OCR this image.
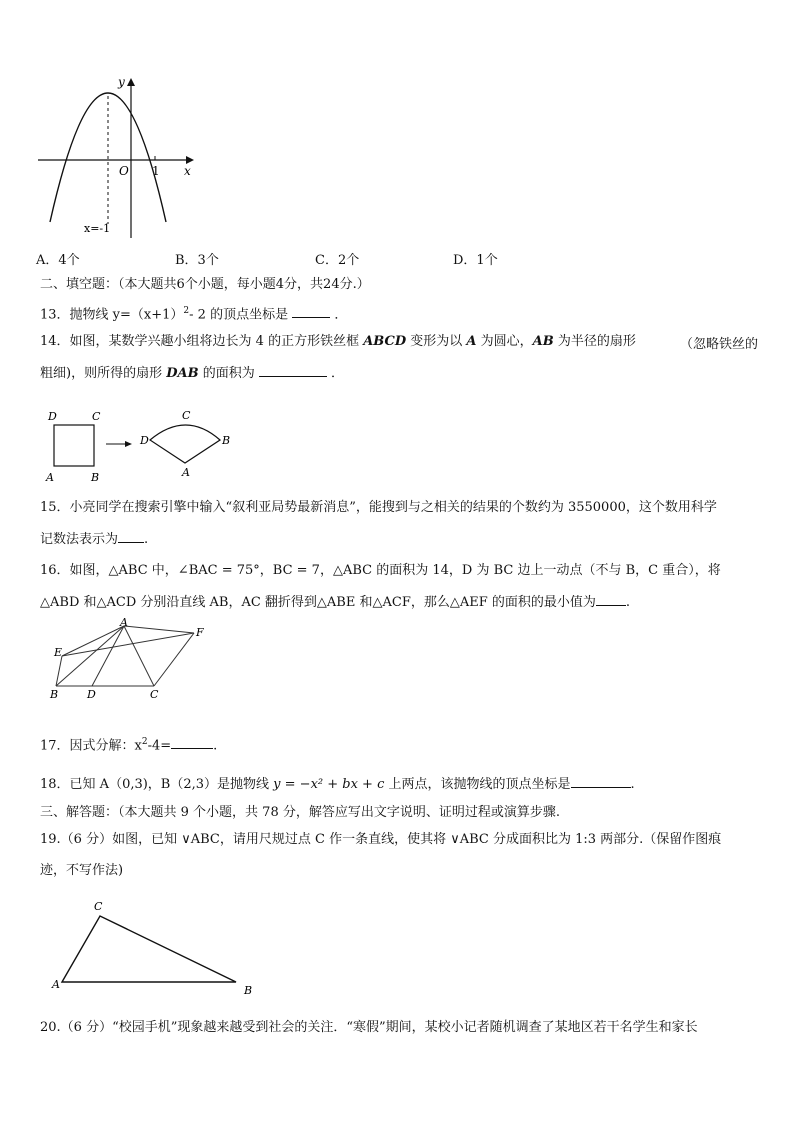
y
x
O 1
x=-1
A．4个	B．3个	C．2个	D．1个
二、填空题：（本大题共6个小题，每小题4分，共24分.）
13．抛物线 $y=(x+1)^2-$ 2 的顶点坐标是	．
14．如图，某数学兴趣小组将边长为 4 的正方形铁丝框 ABCD 变形为以 A 为圆心，AB 为半径的扇形	（忽略铁丝的
粗细)，则所得的扇形 DAB 的面积为	．
D	C
A	B
D
C
B
A
15．小亮同学在搜索引擎中输入“叙利亚局势最新消息”，能搜到与之相关的结果的个数约为 3550000，这个数用科学
记数法表示为 .
16．如图，△ABC 中，∠BAC = 75°，BC = 7，△ABC 的面积为 14，D 为 BC 边上一动点（不与 B，C 重合），将
△ABD 和△ACD 分别沿直线 AB，AC 翻折得到△ABE 和△ACF，那么△AEF 的面积的最小值为 .
A
E
F
B	D	C
17．因式分解：$x^2-4=$	.
18．已知 A（0,3)，B（2,3）是抛物线 y = −x² + bx + c 上两点，该抛物线的顶点坐标是	.
三、解答题：（本大题共 9 个小题，共 78 分，解答应写出文字说明、证明过程或演算步骤.
19.（6 分）如图，已知 ∨ABC，请用尺规过点 C 作一条直线，使其将 ∨ABC 分成面积比为 1:3 两部分.（保留作图痕
迹，不写作法)
C
A	B
20.（6 分）“校园手机”现象越来越受到社会的关注．“寒假”期间，某校小记者随机调查了某地区若干名学生和家长
